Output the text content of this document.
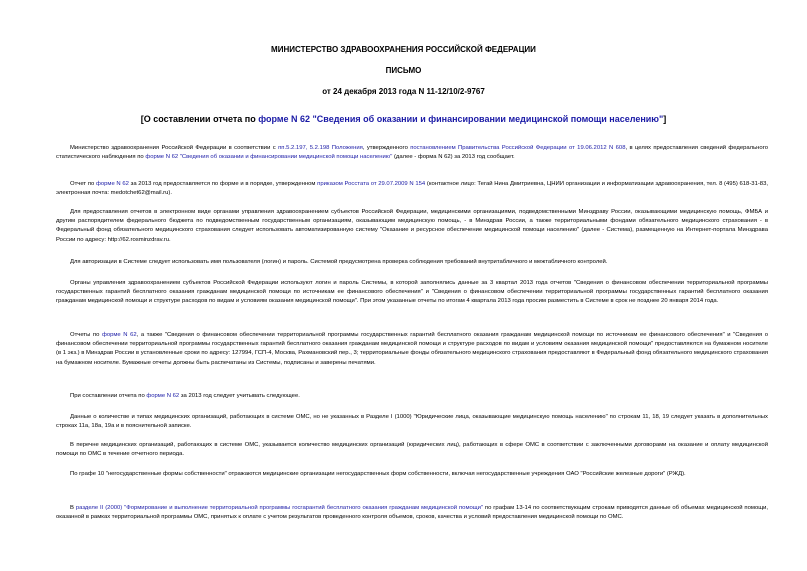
МИНИСТЕРСТВО ЗДРАВООХРАНЕНИЯ РОССИЙСКОЙ ФЕДЕРАЦИИ
ПИСЬМО
от 24 декабря 2013 года N 11-12/10/2-9767
[О составлении отчета по форме N 62 "Сведения об оказании и финансировании медицинской помощи населению"]

Министерство здравоохранения Российской Федерации в соответствии с пп.5.2.197, 5.2.198 Положения, утвержденного постановлением Правительства Российской Федерации от 19.06.2012 N 608, в целях предоставления сведений федерального статистического наблюдения по форме N 62 "Сведения об оказании и финансировании медицинской помощи населению" (далее - форма N 62) за 2013 год сообщает.

Отчет по форме N 62 за 2013 год предоставляется по форме и в порядке, утвержденном приказом Росстата от 29.07.2009 N 154 (контактное лицо: Тегай Нина Дмитриевна, ЦНИИ организации и информатизации здравоохранения, тел. 8 (495) 618-31-83, электронная почта: medotchet62@mail.ru).

Для предоставления отчетов в электронном виде органами управления здравоохранением субъектов Российской Федерации, медицинскими организациями, подведомственными Минздраву России, оказывающими медицинскую помощь, ФМБА и другим распорядителем федерального бюджета по подведомственным государственным организациям, оказывающим медицинскую помощь, - в Минздрав России, а также территориальными фондами обязательного медицинского страхования - в Федеральный фонд обязательного медицинского страхования следует использовать автоматизированную систему "Оказание и ресурсное обеспечение медицинской помощи населению" (далее - Система), размещенную на Интернет-портала Минздрава России по адресу: http://62.rosminzdrav.ru.

Для авторизации в Системе следует использовать имя пользователя (логин) и пароль. Системой предусмотрена проверка соблюдения требований внутритабличного и межтабличного контролей.

Органы управления здравоохранением субъектов Российской Федерации используют логин и пароль Системы, в которой заполнялись данные за 3 квартал 2013 года отчетов "Сведения о финансовом обеспечении территориальной программы государственных гарантий бесплатного оказания гражданам медицинской помощи по источникам ее финансового обеспечения" и "Сведения о финансовом обеспечении территориальной программы государственных гарантий бесплатного оказания гражданам медицинской помощи и структуре расходов по видам и условиям оказания медицинской помощи". При этом указанные отчеты по итогам 4 квартала 2013 года просим разместить в Системе в срок не позднее 20 января 2014 года.

Отчеты по форме N 62, а также "Сведения о финансовом обеспечении территориальной программы государственных гарантий бесплатного оказания гражданам медицинской помощи по источникам ее финансового обеспечения" и "Сведения о финансовом обеспечении территориальной программы государственных гарантий бесплатного оказания гражданам медицинской помощи и структуре расходов по видам и условиям оказания медицинской помощи" предоставляются на бумажном носителе (в 1 экз.) в Минздрав России в установленные сроки по адресу: 127994, ГСП-4, Москва, Рахмановский пер., 3; территориальные фонды обязательного медицинского страхования предоставляют в Федеральный фонд обязательного медицинского страхования на бумажном носителе. Бумажные отчеты должны быть распечатаны из Системы, подписаны и заверены печатями.

При составлении отчета по форме N 62 за 2013 год следует учитывать следующее.

Данные о количестве и типах медицинских организаций, работающих в системе ОМС, но не указанных в Разделе I (1000) "Юридические лица, оказывающие медицинскую помощь населению" по строкам 11, 18, 19 следует указать в дополнительных строках 11а, 18а, 19а и в пояснительной записке.

В перечне медицинских организаций, работающих в системе ОМС, указывается количество медицинских организаций (юридических лиц), работающих в сфере ОМС в соответствии с заключенными договорами на оказание и оплату медицинской помощи по ОМС в течение отчетного периода.

По графе 10 "негосударственные формы собственности" отражаются медицинские организации негосударственных форм собственности, включая негосударственные учреждения ОАО "Российские железные дороги" (РЖД).

В разделе II (2000) "Формирование и выполнение территориальной программы госгарантий бесплатного оказания гражданам медицинской помощи" по графам 13-14 по соответствующим строкам приводятся данные об объемах медицинской помощи, оказанной в рамках территориальной программы ОМС, принятых к оплате с учетом результатов проведенного контроля объемов, сроков, качества и условий предоставления медицинской помощи по ОМС.
